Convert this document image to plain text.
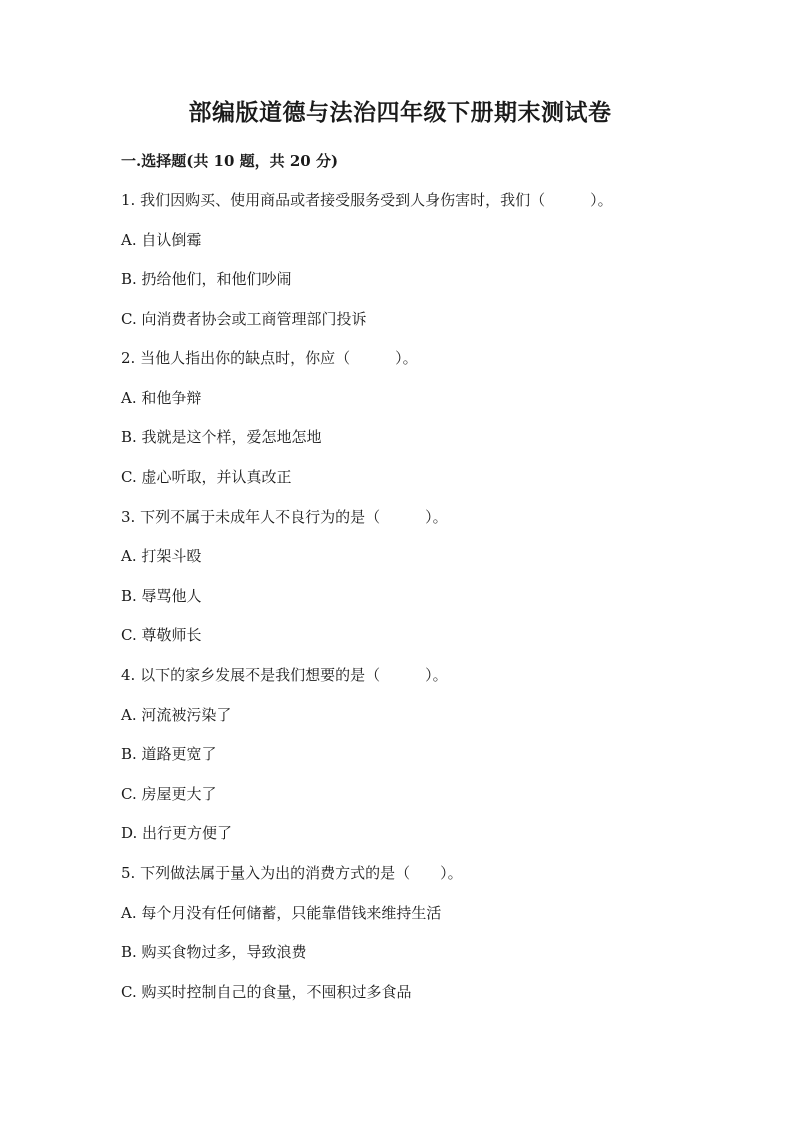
部编版道德与法治四年级下册期末测试卷
一.选择题(共 10 题，共 20 分)

1. 我们因购买、使用商品或者接受服务受到人身伤害时，我们（　　　）。

A. 自认倒霉

B. 扔给他们，和他们吵闹

C. 向消费者协会或工商管理部门投诉

2. 当他人指出你的缺点时，你应（　　　）。

A. 和他争辩

B. 我就是这个样，爱怎地怎地

C. 虚心听取，并认真改正

3. 下列不属于未成年人不良行为的是（　　　）。

A. 打架斗殴

B. 辱骂他人

C. 尊敬师长

4. 以下的家乡发展不是我们想要的是（　　　）。

A. 河流被污染了

B. 道路更宽了

C. 房屋更大了

D. 出行更方便了

5. 下列做法属于量入为出的消费方式的是（　　）。

A. 每个月没有任何储蓄，只能靠借钱来维持生活

B. 购买食物过多，导致浪费

C. 购买时控制自己的食量，不囤积过多食品
